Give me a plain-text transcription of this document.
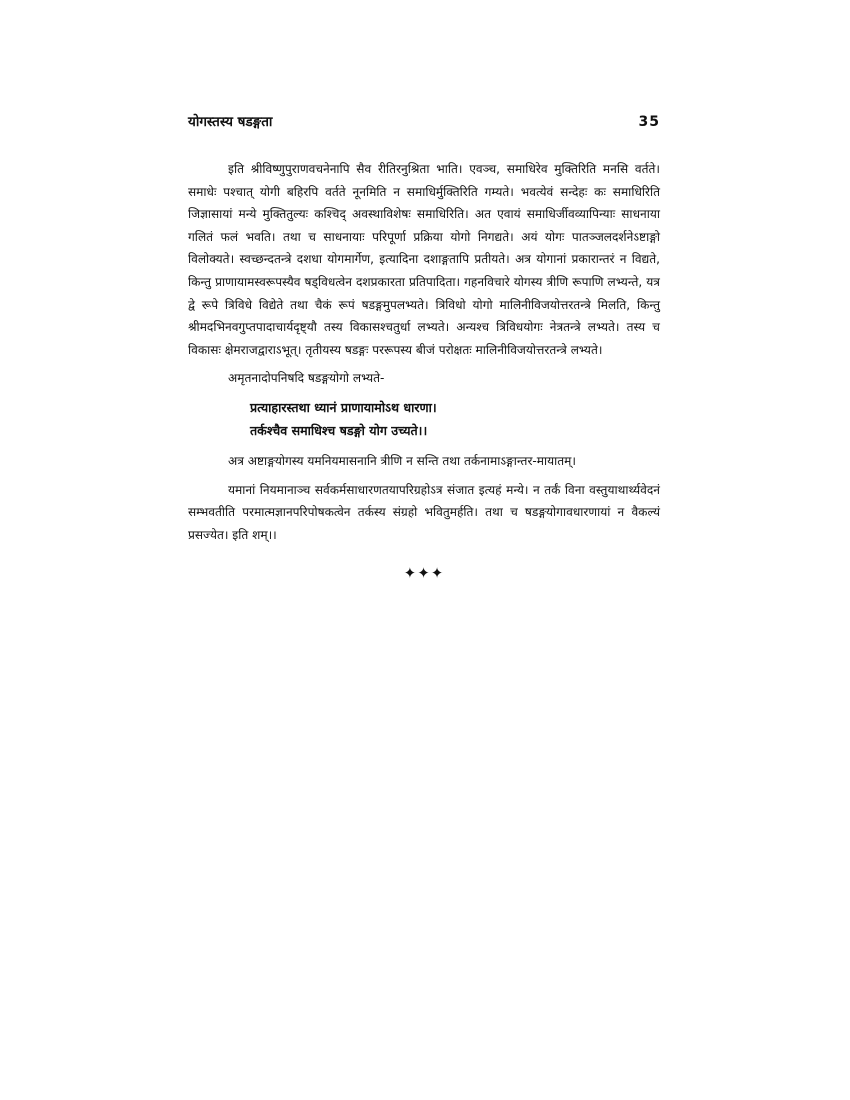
योगस्तस्य षडङ्गता	35

इति श्रीविष्णुपुराणवचनेनापि सैव रीतिरनुश्रिता भाति। एवञ्च, समाधिरेव मुक्तिरिति मनसि वर्तते। समाधेः पश्चात् योगी बहिरपि वर्तते नूनमिति न समाधिर्मुक्तिरिति गम्यते। भवत्येवं सन्देहः कः समाधिरिति जिज्ञासायां मन्ये मुक्तितुल्यः कश्चिद् अवस्थाविशेषः समाधिरिति। अत एवायं समाधिर्जीवव्यापिन्याः साधनाया गलितं फलं भवति। तथा च साधनायाः परिपूर्णा प्रक्रिया योगो निगद्यते। अयं योगः पातञ्जलदर्शनेऽष्टाङ्गो विलोक्यते। स्वच्छन्दतन्त्रे दशधा योगमार्गेण, इत्यादिना दशाङ्गतापि प्रतीयते। अत्र योगानां प्रकारान्तरं न विद्यते, किन्तु प्राणायामस्वरूपस्यैव षड्विधत्वेन दशप्रकारता प्रतिपादिता। गहनविचारे योगस्य त्रीणि रूपाणि लभ्यन्ते, यत्र द्वे रूपे त्रिविधे विद्येते तथा चैकं रूपं षडङ्गमुपलभ्यते। त्रिविधो योगो मालिनीविजयोत्तरतन्त्रे मिलति, किन्तु श्रीमदभिनवगुप्तपादाचार्यदृष्ट्यौ तस्य विकासश्चतुर्धा लभ्यते। अन्यश्च त्रिविधयोगः नेत्रतन्त्रे लभ्यते। तस्य च विकासः क्षेमराजद्वाराऽभूत्। तृतीयस्य षडङ्गः पररूपस्य बीजं परोक्षतः मालिनीविजयोत्तरतन्त्रे लभ्यते।

अमृतनादोपनिषदि षडङ्गयोगो लभ्यते-

प्रत्याहारस्तथा ध्यानं प्राणायामोऽथ धारणा।
तर्कश्चैव समाधिश्च षडङ्गो योग उच्यते।।

अत्र अष्टाङ्गयोगस्य यमनियमासनानि त्रीणि न सन्ति तथा तर्कनामाऽङ्गान्तर-मायातम्।

यमानां नियमानाञ्च सर्वकर्मसाधारणतयापरिग्रहोऽत्र संजात इत्यहं मन्ये। न तर्कं विना वस्तुयाथार्थ्यवेदनं सम्भवतीति परमात्मज्ञानपरिपोषकत्वेन तर्कस्य संग्रहो भवितुमर्हति। तथा च षडङ्गयोगावधारणायां न वैकल्यं प्रसज्येत। इति शम्।।

✦✦✦
